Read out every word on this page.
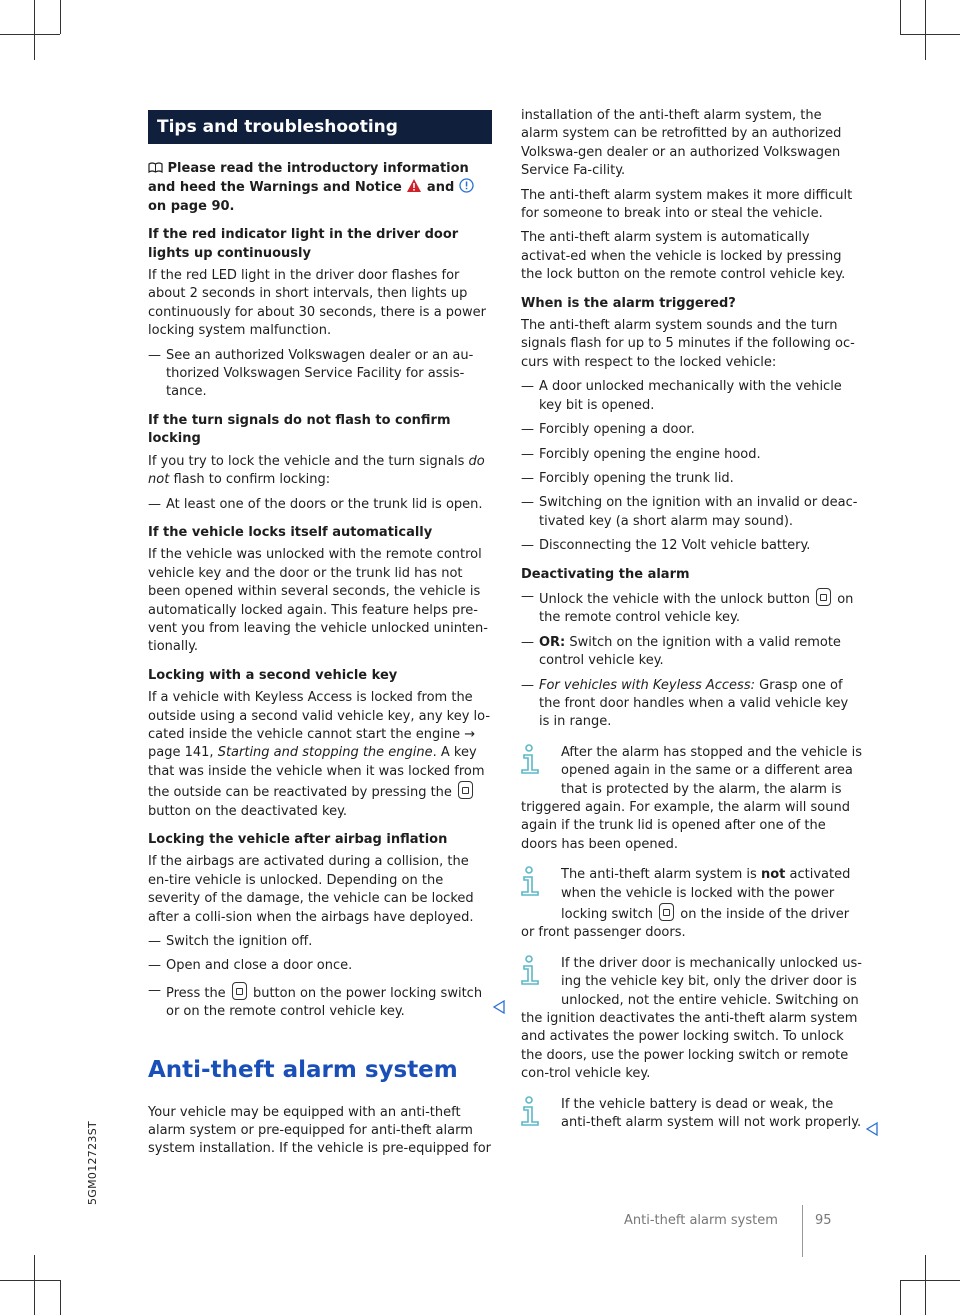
Tips and troubleshooting

Please read the introductory information and heed the Warnings and Notice and  on page 90.

If the red indicator light in the driver door lights up continuously

If the red LED light in the driver door flashes for about 2 seconds in short intervals, then lights up continuously for about 30 seconds, there is a power locking system malfunction.

— See an authorized Volkswagen dealer or an au-thorized Volkswagen Service Facility for assis-tance.
If the turn signals do not flash to confirm locking

If you try to lock the vehicle and the turn signals do not flash to confirm locking:

— At least one of the doors or the trunk lid is open.
If the vehicle locks itself automatically

If the vehicle was unlocked with the remote control vehicle key and the door or the trunk lid has not been opened within several seconds, the vehicle is automatically locked again. This feature helps pre-vent you from leaving the vehicle unlocked uninten-tionally.

Locking with a second vehicle key

If a vehicle with Keyless Access is locked from the outside using a second valid vehicle key, any key lo-cated inside the vehicle cannot start the engine → page 141, Starting and stopping the engine. A key that was inside the vehicle when it was locked from the outside can be reactivated by pressing the  button on the deactivated key.

Locking the vehicle after airbag inflation

If the airbags are activated during a collision, the en-tire vehicle is unlocked. Depending on the severity of the damage, the vehicle can be locked after a colli-sion when the airbags have deployed.

— Switch the ignition off.
— Open and close a door once.
— Press the button on the power locking switch or on the remote control vehicle key.
Anti-theft alarm system

Your vehicle may be equipped with an anti-theft alarm system or pre-equipped for anti-theft alarm system installation. If the vehicle is pre-equipped for

installation of the anti-theft alarm system, the alarm system can be retrofitted by an authorized Volkswa-gen dealer or an authorized Volkswagen Service Fa-cility.

The anti-theft alarm system makes it more difficult for someone to break into or steal the vehicle.

The anti-theft alarm system is automatically activat-ed when the vehicle is locked by pressing the lock button on the remote control vehicle key.

When is the alarm triggered?

The anti-theft alarm system sounds and the turn signals flash for up to 5 minutes if the following oc-curs with respect to the locked vehicle:

— A door unlocked mechanically with the vehicle key bit is opened.
— Forcibly opening a door.
— Forcibly opening the engine hood.
— Forcibly opening the trunk lid.
— Switching on the ignition with an invalid or deac-tivated key (a short alarm may sound).
— Disconnecting the 12 Volt vehicle battery.
Deactivating the alarm
— Unlock the vehicle with the unlock button on the remote control vehicle key.
— OR: Switch on the ignition with a valid remote control vehicle key.
— For vehicles with Keyless Access: Grasp one of the front door handles when a valid vehicle key is in range.
After the alarm has stopped and the vehicle is opened again in the same or a different area that is protected by the alarm, the alarm is triggered again. For example, the alarm will sound again if the trunk lid is opened after one of the doors has been opened.
The anti-theft alarm system is not activated when the vehicle is locked with the power locking switch on the inside of the driver or front passenger doors.
If the driver door is mechanically unlocked us-ing the vehicle key bit, only the driver door is unlocked, not the entire vehicle. Switching on the ignition deactivates the anti-theft alarm system and activates the power locking switch. To unlock the doors, use the power locking switch or remote con-trol vehicle key.
If the vehicle battery is dead or weak, the anti-theft alarm system will not work properly.
5GM012723ST
Anti-theft alarm system	95
